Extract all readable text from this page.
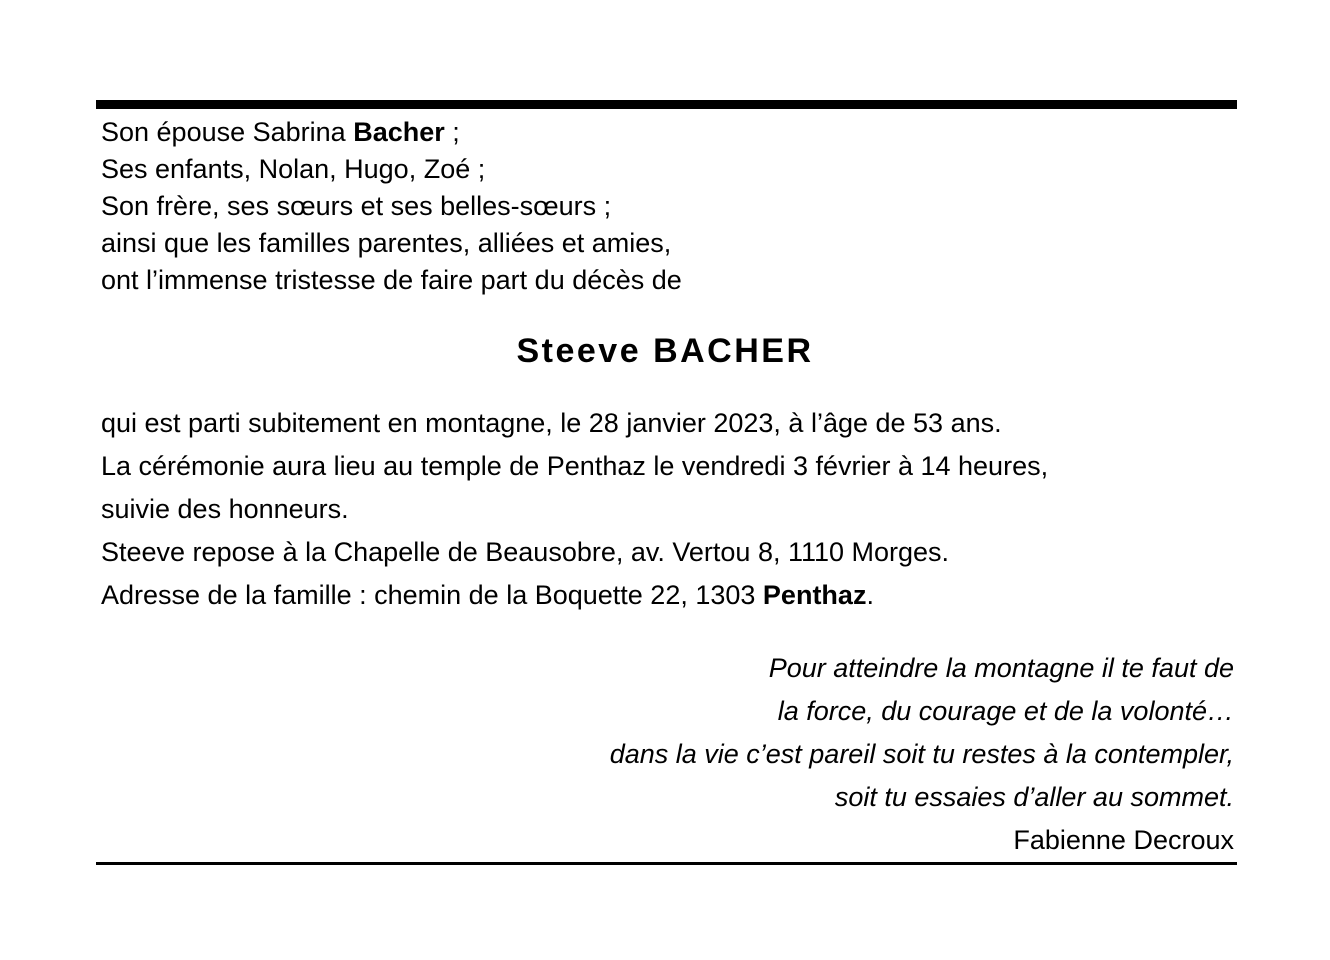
Son épouse Sabrina Bacher ;
Ses enfants, Nolan, Hugo, Zoé ;
Son frère, ses sœurs et ses belles-sœurs ;
ainsi que les familles parentes, alliées et amies,
ont l’immense tristesse de faire part du décès de
Steeve BACHER
qui est parti subitement en montagne, le 28 janvier 2023, à l’âge de 53 ans.
La cérémonie aura lieu au temple de Penthaz le vendredi 3 février à 14 heures,
suivie des honneurs.
Steeve repose à la Chapelle de Beausobre, av. Vertou 8, 1110 Morges.
Adresse de la famille : chemin de la Boquette 22, 1303 Penthaz.
Pour atteindre la montagne il te faut de
la force, du courage et de la volonté…
dans la vie c’est pareil soit tu restes à la contempler,
soit tu essaies d’aller au sommet.
Fabienne Decroux
